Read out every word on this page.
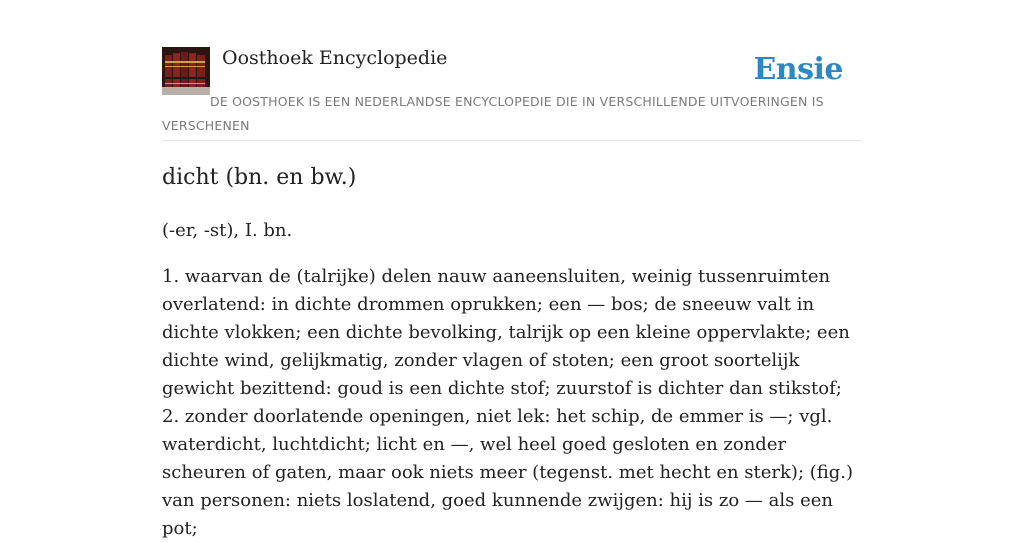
Oosthoek Encyclopedie	Ensie
DE OOSTHOEK IS EEN NEDERLANDSE ENCYCLOPEDIE DIE IN VERSCHILLENDE UITVOERINGEN IS VERSCHENEN
dicht (bn. en bw.)
(-er, -st), I. bn.

1. waarvan de (talrijke) delen nauw aaneensluiten, weinig tussenruimten overlatend: in dichte drommen oprukken; een — bos; de sneeuw valt in dichte vlokken; een dichte bevolking, talrijk op een kleine oppervlakte; een dichte wind, gelijkmatig, zonder vlagen of stoten; een groot soortelijk gewicht bezittend: goud is een dichte stof; zuurstof is dichter dan stikstof;

2. zonder doorlatende openingen, niet lek: het schip, de emmer is —; vgl. waterdicht, luchtdicht; licht en —, wel heel goed gesloten en zonder scheuren of gaten, maar ook niets meer (tegenst. met hecht en sterk); (fig.) van personen: niets loslatend, goed kunnende zwijgen: hij is zo — als een pot;
